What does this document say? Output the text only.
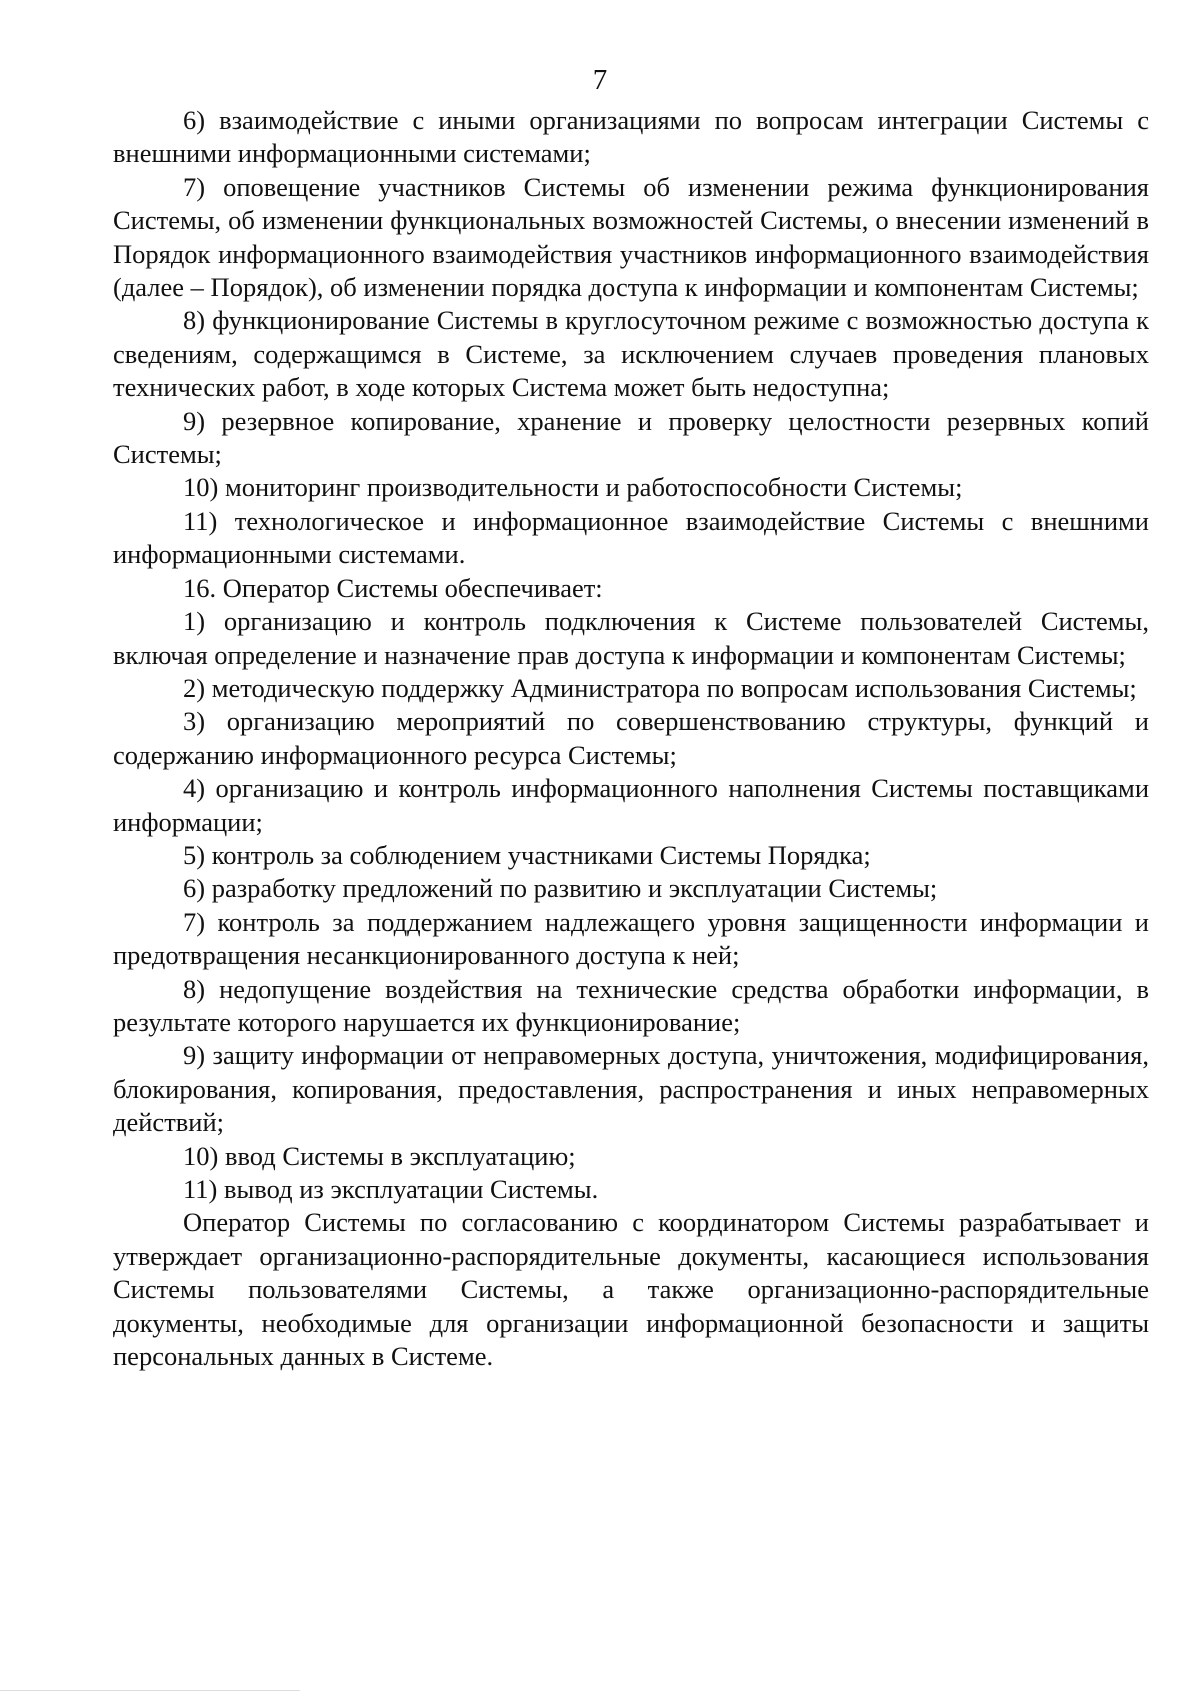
7

6) взаимодействие с иными организациями по вопросам интеграции Системы с внешними информационными системами;

7) оповещение участников Системы об изменении режима функционирования Системы, об изменении функциональных возможностей Системы, о внесении изменений в Порядок информационного взаимодействия участников информационного взаимодействия (далее – Порядок), об изменении порядка доступа к информации и компонентам Системы;

8) функционирование Системы в круглосуточном режиме с возможностью доступа к сведениям, содержащимся в Системе, за исключением случаев проведения плановых технических работ, в ходе которых Система может быть недоступна;

9) резервное копирование, хранение и проверку целостности резервных копий Системы;

10) мониторинг производительности и работоспособности Системы;

11) технологическое и информационное взаимодействие Системы с внешними информационными системами.

16. Оператор Системы обеспечивает:

1) организацию и контроль подключения к Системе пользователей Системы, включая определение и назначение прав доступа к информации и компонентам Системы;

2) методическую поддержку Администратора по вопросам использования Системы;

3) организацию мероприятий по совершенствованию структуры, функций и содержанию информационного ресурса Системы;

4) организацию и контроль информационного наполнения Системы поставщиками информации;

5) контроль за соблюдением участниками Системы Порядка;

6) разработку предложений по развитию и эксплуатации Системы;

7) контроль за поддержанием надлежащего уровня защищенности информации и предотвращения несанкционированного доступа к ней;

8) недопущение воздействия на технические средства обработки информации, в результате которого нарушается их функционирование;

9) защиту информации от неправомерных доступа, уничтожения, модифицирования, блокирования, копирования, предоставления, распространения и иных неправомерных действий;

10) ввод Системы в эксплуатацию;

11) вывод из эксплуатации Системы.

Оператор Системы по согласованию с координатором Системы разрабатывает и утверждает организационно-распорядительные документы, касающиеся использования Системы пользователями Системы, а также организационно-распорядительные документы, необходимые для организации информационной безопасности и защиты персональных данных в Системе.
